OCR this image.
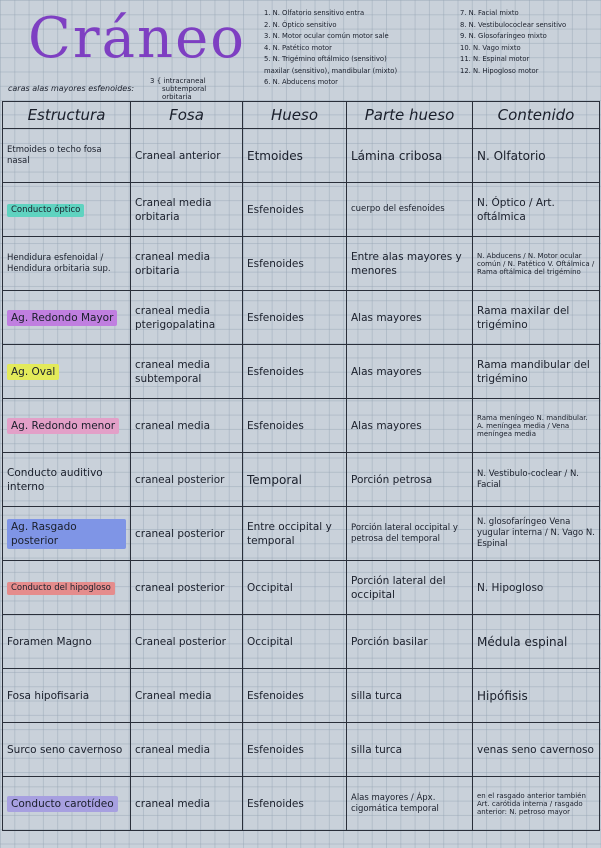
Cráneo
caras alas mayores esfenoides:
3 { intracraneal
subtemporal
orbitaria
1. N. Olfatorio sensitivo entra
2. N. Óptico sensitivo
3. N. Motor ocular común motor sale
4. N. Patético motor
5. N. Trigémino oftálmico (sensitivo)
maxilar (sensitivo), mandibular (mixto)
6. N. Abducens motor
7. N. Facial mixto
8. N. Vestibulococlear sensitivo
9. N. Glosofaríngeo mixto
10. N. Vago mixto
11. N. Espinal motor
12. N. Hipogloso motor
Estructura	Fosa	Hueso	Parte hueso	Contenido
Etmoides o techo fosa nasal	Craneal anterior	Etmoides	Lámina cribosa	N. Olfatorio
Conducto óptico	Craneal media orbitaria	Esfenoides	cuerpo del esfenoides	N. Óptico / Art. oftálmica
Hendidura esfenoidal / Hendidura orbitaria sup.	craneal media orbitaria	Esfenoides	Entre alas mayores y menores	N. Abducens / N. Motor ocular común / N. Patético V. Oftálmica / Rama oftálmica del trigémino
Ag. Redondo Mayor	craneal media pterigopalatina	Esfenoides	Alas mayores	Rama maxilar del trigémino
Ag. Oval	craneal media subtemporal	Esfenoides	Alas mayores	Rama mandibular del trigémino
Ag. Redondo menor	craneal media	Esfenoides	Alas mayores	Rama meníngeo N. mandibular. A. meníngea media / Vena meníngea media
Conducto auditivo interno	craneal posterior	Temporal	Porción petrosa	N. Vestibulo-coclear / N. Facial
Ag. Rasgado posterior	craneal posterior	Entre occipital y temporal	Porción lateral occipital y petrosa del temporal	N. glosofaríngeo Vena yugular interna / N. Vago N. Espinal
Conducto del hipogloso	craneal posterior	Occipital	Porción lateral del occipital	N. Hipogloso
Foramen Magno	Craneal posterior	Occipital	Porción basilar	Médula espinal
Fosa hipofisaria	Craneal media	Esfenoides	silla turca	Hipófisis
Surco seno cavernoso	craneal media	Esfenoides	silla turca	venas seno cavernoso
Conducto carotídeo	craneal media	Esfenoides	Alas mayores / Ápx. cigomática temporal	en el rasgado anterior también Art. carótida interna / rasgado anterior: N. petroso mayor
